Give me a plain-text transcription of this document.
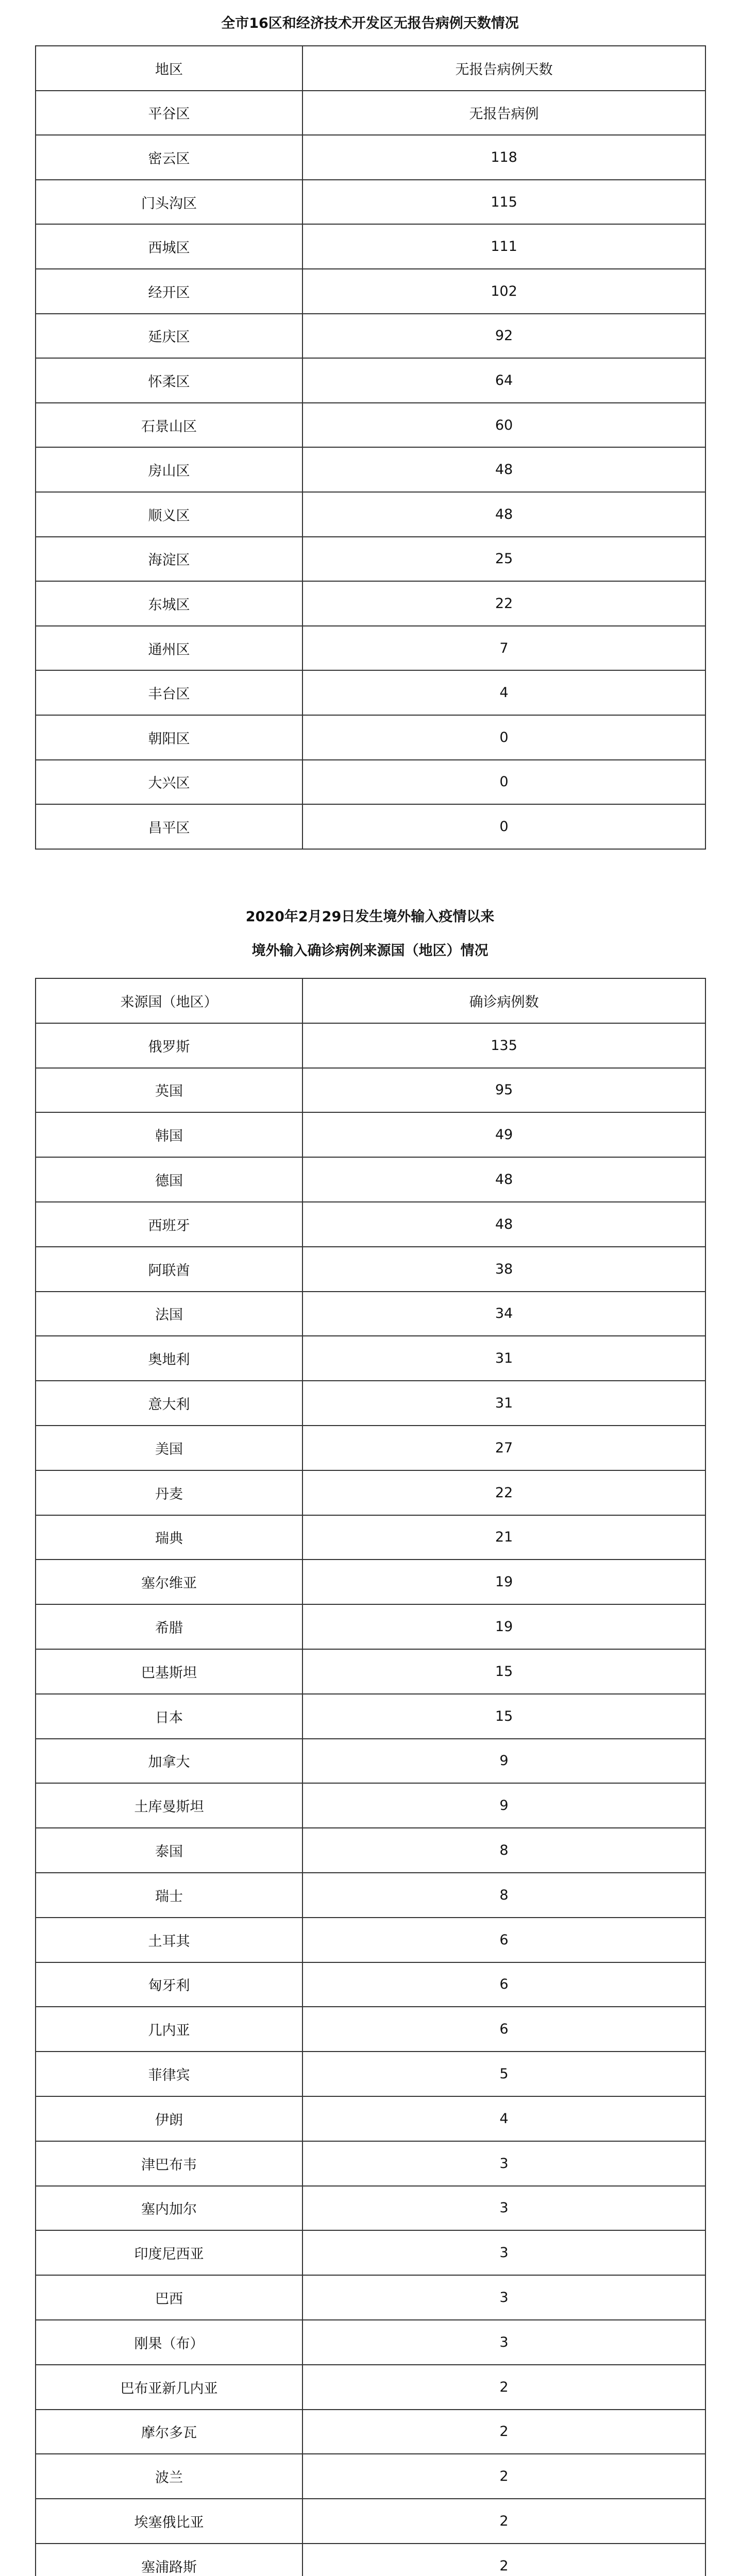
全市16区和经济技术开发区无报告病例天数情况
地区	无报告病例天数
平谷区	无报告病例
密云区	118
门头沟区	115
西城区	111
经开区	102
延庆区	92
怀柔区	64
石景山区	60
房山区	48
顺义区	48
海淀区	25
东城区	22
通州区	7
丰台区	4
朝阳区	0
大兴区	0
昌平区	0
2020年2月29日发生境外输入疫情以来
境外输入确诊病例来源国（地区）情况
来源国（地区）	确诊病例数
俄罗斯	135
英国	95
韩国	49
德国	48
西班牙	48
阿联酋	38
法国	34
奥地利	31
意大利	31
美国	27
丹麦	22
瑞典	21
塞尔维亚	19
希腊	19
巴基斯坦	15
日本	15
加拿大	9
土库曼斯坦	9
泰国	8
瑞士	8
土耳其	6
匈牙利	6
几内亚	6
菲律宾	5
伊朗	4
津巴布韦	3
塞内加尔	3
印度尼西亚	3
巴西	3
刚果（布）	3
巴布亚新几内亚	2
摩尔多瓦	2
波兰	2
埃塞俄比亚	2
塞浦路斯	2
